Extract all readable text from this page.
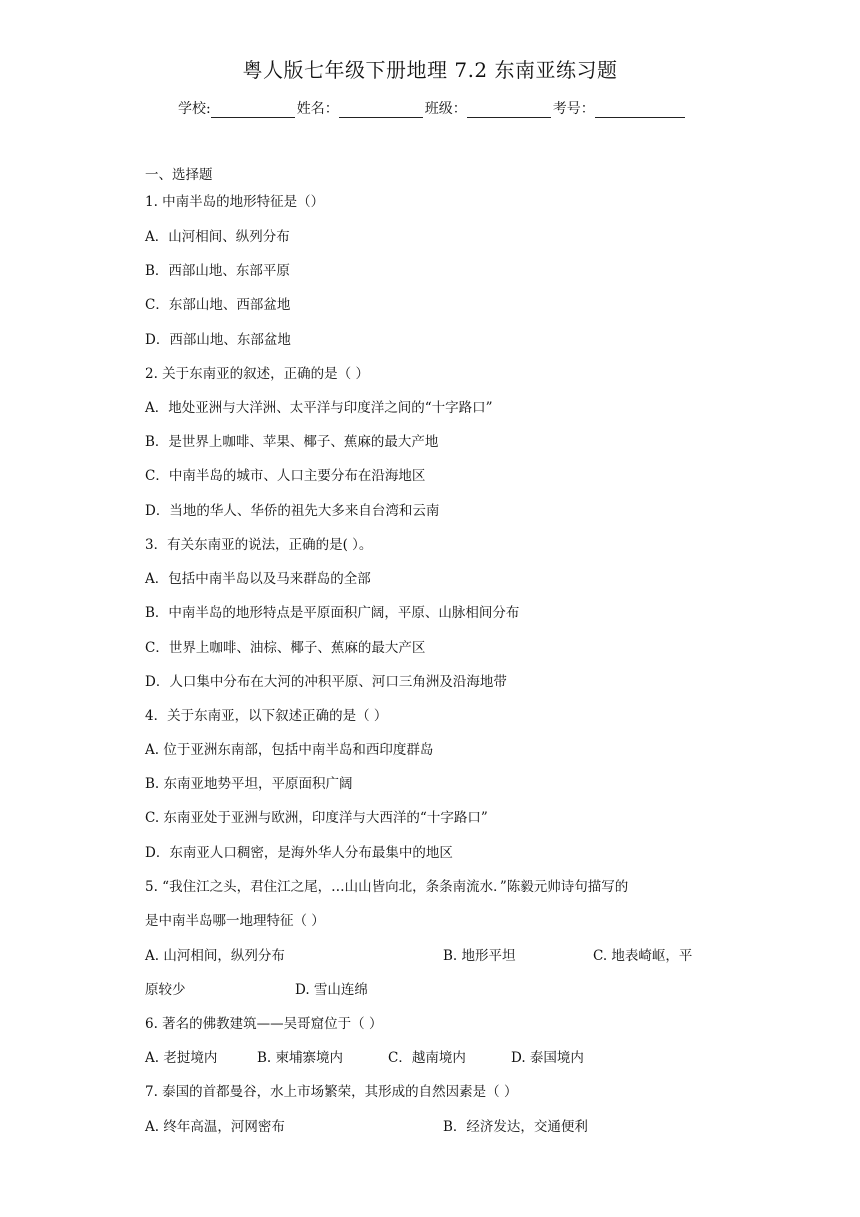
粤人版七年级下册地理 7.2 东南亚练习题
学校:	姓名：	班级：	考号：
一、选择题
1. 中南半岛的地形特征是（）
A．山河相间、纵列分布
B．西部山地、东部平原
C．东部山地、西部盆地
D．西部山地、东部盆地
2. 关于东南亚的叙述，正确的是（ ）
A．地处亚洲与大洋洲、太平洋与印度洋之间的“十字路口”
B．是世界上咖啡、苹果、椰子、蕉麻的最大产地
C．中南半岛的城市、人口主要分布在沿海地区
D．当地的华人、华侨的祖先大多来自台湾和云南
3．有关东南亚的说法，正确的是( ）。
A．包括中南半岛以及马来群岛的全部
B．中南半岛的地形特点是平原面积广阔，平原、山脉相间分布
C．世界上咖啡、油棕、椰子、蕉麻的最大产区
D．人口集中分布在大河的冲积平原、河口三角洲及沿海地带
4．关于东南亚，以下叙述正确的是（ ）
A. 位于亚洲东南部，包括中南半岛和西印度群岛
B. 东南亚地势平坦，平原面积广阔
C. 东南亚处于亚洲与欧洲，印度洋与大西洋的“十字路口”
D．东南亚人口稠密，是海外华人分布最集中的地区
5. “我住江之头，君住江之尾，…山山皆向北，条条南流水．”陈毅元帅诗句描写的
是中南半岛哪一地理特征（ ）
A. 山河相间，纵列分布	B. 地形平坦	C. 地表崎岖，平
原较少	D. 雪山连绵
6. 著名的佛教建筑——吴哥窟位于（ ）
A. 老挝境内	B. 柬埔寨境内	C．越南境内	D. 泰国境内
7. 泰国的首都曼谷，水上市场繁荣，其形成的自然因素是（ ）
A. 终年高温，河网密布	B．经济发达，交通便利
